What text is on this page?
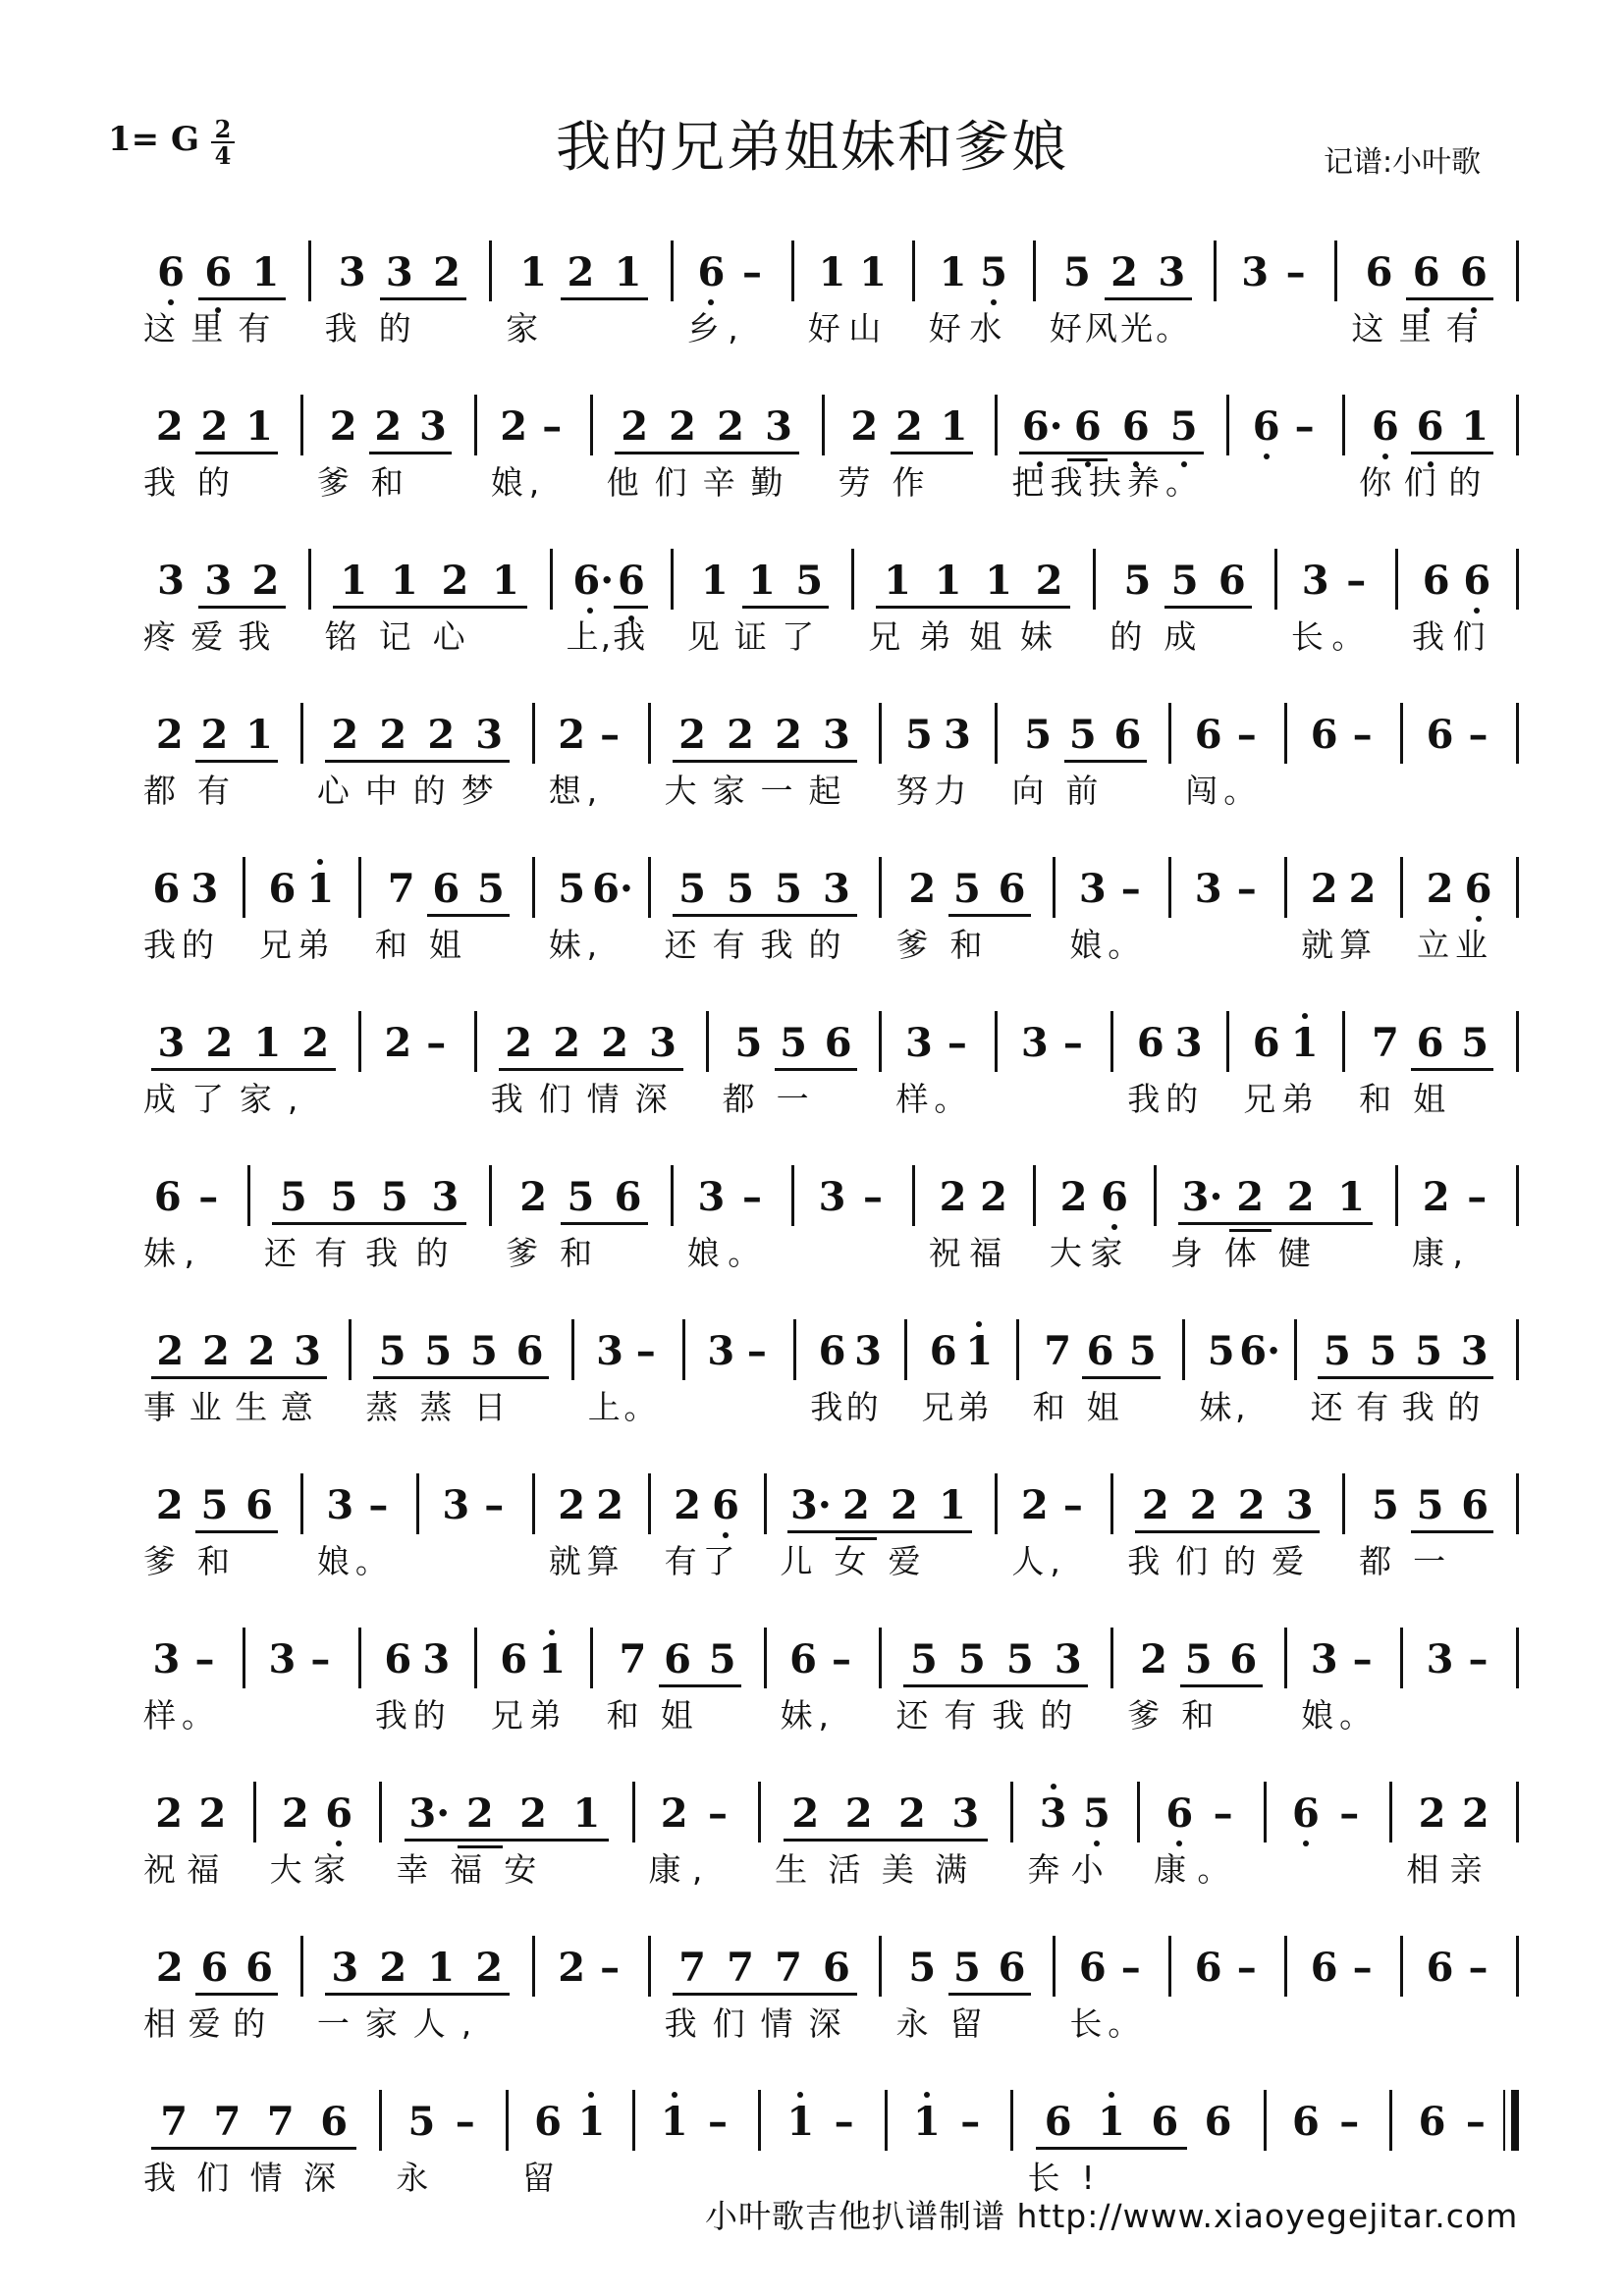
1= G 2
4	我的兄弟姐妹和爹娘	记谱:小叶歌
6 6 1 3 3 2 1 2 1 6 – 1 1 1 5 5 2 3 3 – 6 6 6
这里有 我的 家	乡, 好山 好水 好风光。	这里有
2 2 1 2 2 3 2 – 2 2 2 3 2 2 1 6· 6 6 5 6 – 6 6 1
我的 爹和 娘, 他们辛勤 劳作 把我扶养。	你们的
3 3 2 1 1 2 1 6· 6 1 1 5 1 1 1 2 5 5 6 3 – 6 6
疼爱我 铭记心 上,我 见证了 兄弟姐妹 的成 长。 我们
2 2 1 2 2 2 3 2 – 2 2 2 3 5 3 5 5 6 6 – 6 – 6 –
都有 心中的梦 想, 大家一起 努力 向前 闯。
6 3 6 1 7 6 5 5 6· 5 5 5 3 2 5 6 3 – 3 – 2 2 2 6
我的 兄弟 和姐 妹, 还有我的 爹和 娘。	就算 立业
3 2 1 2 2 – 2 2 2 3 5 5 6 3 – 3 – 6 3 6 1 7 6 5
成了家,	我们情深 都一 样。	我的 兄弟 和姐
6 – 5 5 5 3 2 5 6 3 – 3 – 2 2 2 6 3· 2 2 1 2 –
妹, 还有我的 爹和 娘。	祝福 大家 身体健 康,
2 2 2 3 5 5 5 6 3 – 3 – 6 3 6 1 7 6 5 5 6· 5 5 5 3
事业生意 蒸蒸日 上。	我的 兄弟 和姐 妹, 还有我的
2 5 6 3 – 3 – 2 2 2 6 3· 2 2 1 2 – 2 2 2 3 5 5 6
爹和 娘。	就算 有了 儿女爱 人, 我们的爱 都一
3 – 3 – 6 3 6 1 7 6 5 6 – 5 5 5 3 2 5 6 3 – 3 –
样。	我的 兄弟 和姐 妹, 还有我的 爹和 娘。
2 2 2 6 3· 2 2 1 2 – 2 2 2 3 3 5 6 – 6 – 2 2
祝福 大家 幸福安	康, 生活美满 奔小 康。	相亲
2 6 6 3 2 1 2 2 – 7 7 7 6 5 5 6 6 – 6 – 6 – 6 –
相爱的 一家人,	我们情深 永留 长。
7 7 7 6 5 – 6 1 1 – 1 – 1 – 6 1 6 6 6 – 6 –
我们情深 永 留	长!
小叶歌吉他扒谱制谱 http://www.xiaoyegejitar.com
